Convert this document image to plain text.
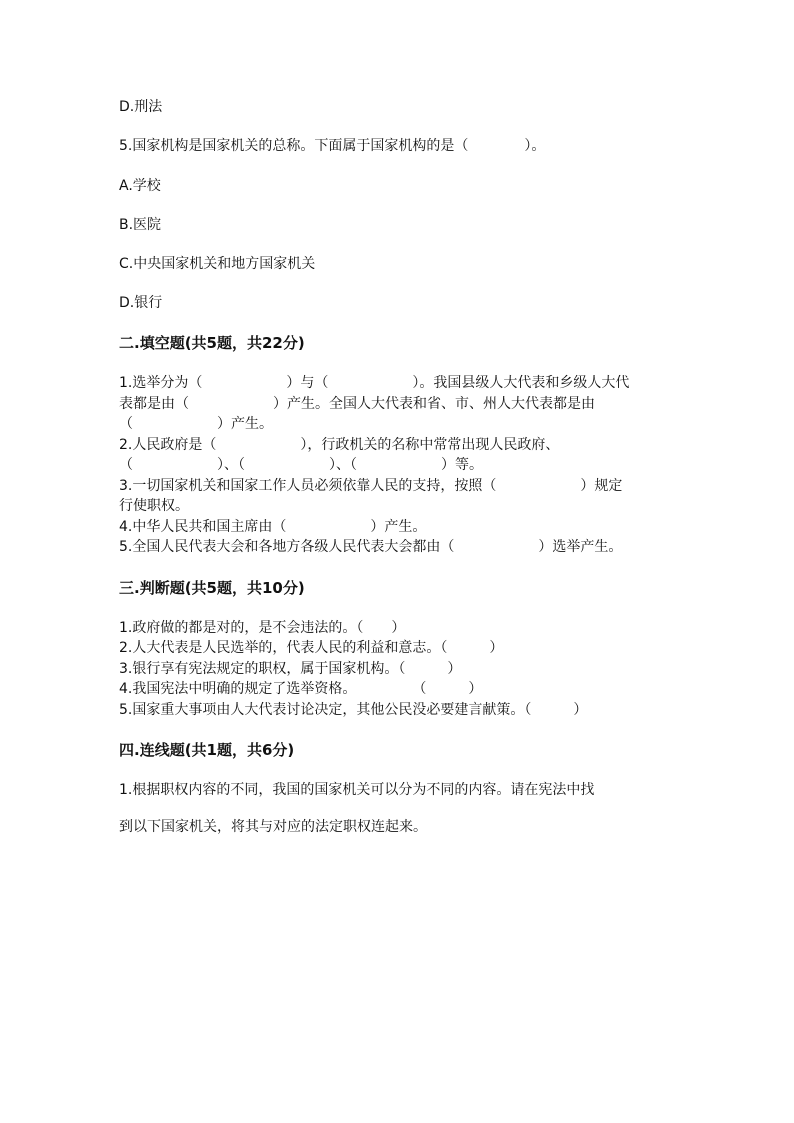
D.刑法
5.国家机构是国家机关的总称。下面属于国家机构的是（　　　　）。
A.学校
B.医院
C.中央国家机关和地方国家机关
D.银行
二.填空题(共5题，共22分)
1.选举分为（　　　　　　）与（　　　　　　）。我国县级人大代表和乡级人大代
表都是由（　　　　　　）产生。全国人大代表和省、市、州人大代表都是由
（　　　　　　）产生。
2.人民政府是（　　　　　　），行政机关的名称中常常出现人民政府、
（　　　　　　）、（　　　　　　）、（　　　　　　）等。
3.一切国家机关和国家工作人员必须依靠人民的支持，按照（　　　　　　）规定
行使职权。
4.中华人民共和国主席由（　　　　　　）产生。
5.全国人民代表大会和各地方各级人民代表大会都由（　　　　　　）选举产生。
三.判断题(共5题，共10分)
1.政府做的都是对的，是不会违法的。（　　）
2.人大代表是人民选举的，代表人民的利益和意志。（　　　）
3.银行享有宪法规定的职权，属于国家机构。（　　　）
4.我国宪法中明确的规定了选举资格。　　　　　（　　　）
5.国家重大事项由人大代表讨论决定，其他公民没必要建言献策。（　　　）
四.连线题(共1题，共6分)
1.根据职权内容的不同，我国的国家机关可以分为不同的内容。请在宪法中找
到以下国家机关，将其与对应的法定职权连起来。
